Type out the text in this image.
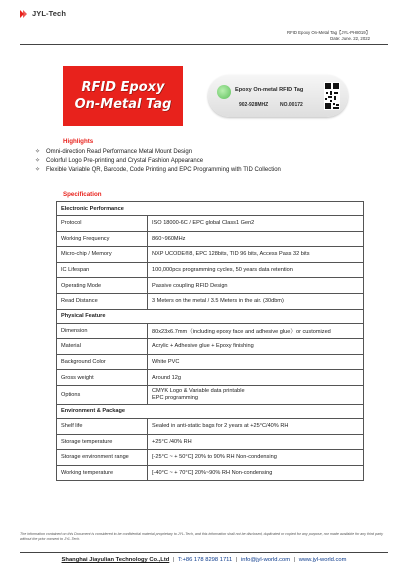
JYL-Tech
RFID Epoxy On-Metal Tag【JYL-PH8019】
Date: June. 22, 2022
RFID Epoxy
On-Metal Tag
Epoxy On-metal RFID Tag
902-928MHZ NO.00172
Highlights
✧ Omni-direction Read Performance Metal Mount Design
✧ Colorful Logo Pre-printing and Crystal Fashion Appearance
✧ Flexible Variable QR, Barcode, Code Printing and EPC Programming with TID Collection
Specification
Electronic Performance	
Protocol	ISO 18000-6C / EPC global Class1 Gen2
Working Frequency	860~960MHz
Micro-chip / Memory	NXP UCODE®8, EPC 128bits, TID 96 bits, Access Pass 32 bits
IC Lifespan	100,000pcs programming cycles, 50 years data retention
Operating Mode	Passive coupling RFID Design
Read Distance	3 Meters on the metal / 3.5 Meters in the air. (30dbm)
Physical Feature	
Dimension	80x23x6.7mm（including epoxy face and adhesive glue）or customized
Material	Acrylic + Adhesive glue + Epoxy finishing
Background Color	White PVC
Gross weight	Around 12g
Options	CMYK Logo & Variable data printable
EPC programming

Environment & Package	
Shelf life	Sealed in anti-static bags for 2 years at +25°C/40% RH
Storage temperature	+25°C /40% RH
Storage environment range	[-25°C ~ + 50°C] 20% to 90% RH Non-condensing
Working temperature	[-40°C ~ + 70°C] 20%~90% RH Non-condensing
The information contained on this Document is considered to be confidential material proprietary to JYL-Tech, and this information shall not be disclosed, duplicated or copied for any purpose, nor made available for any third party without the prior consent to JYL-Tech.
Shanghai Jiayulian Technology Co.,Ltd | T:+86 178 8298 1711 | info@jyl-world.com | www.jyl-world.com
